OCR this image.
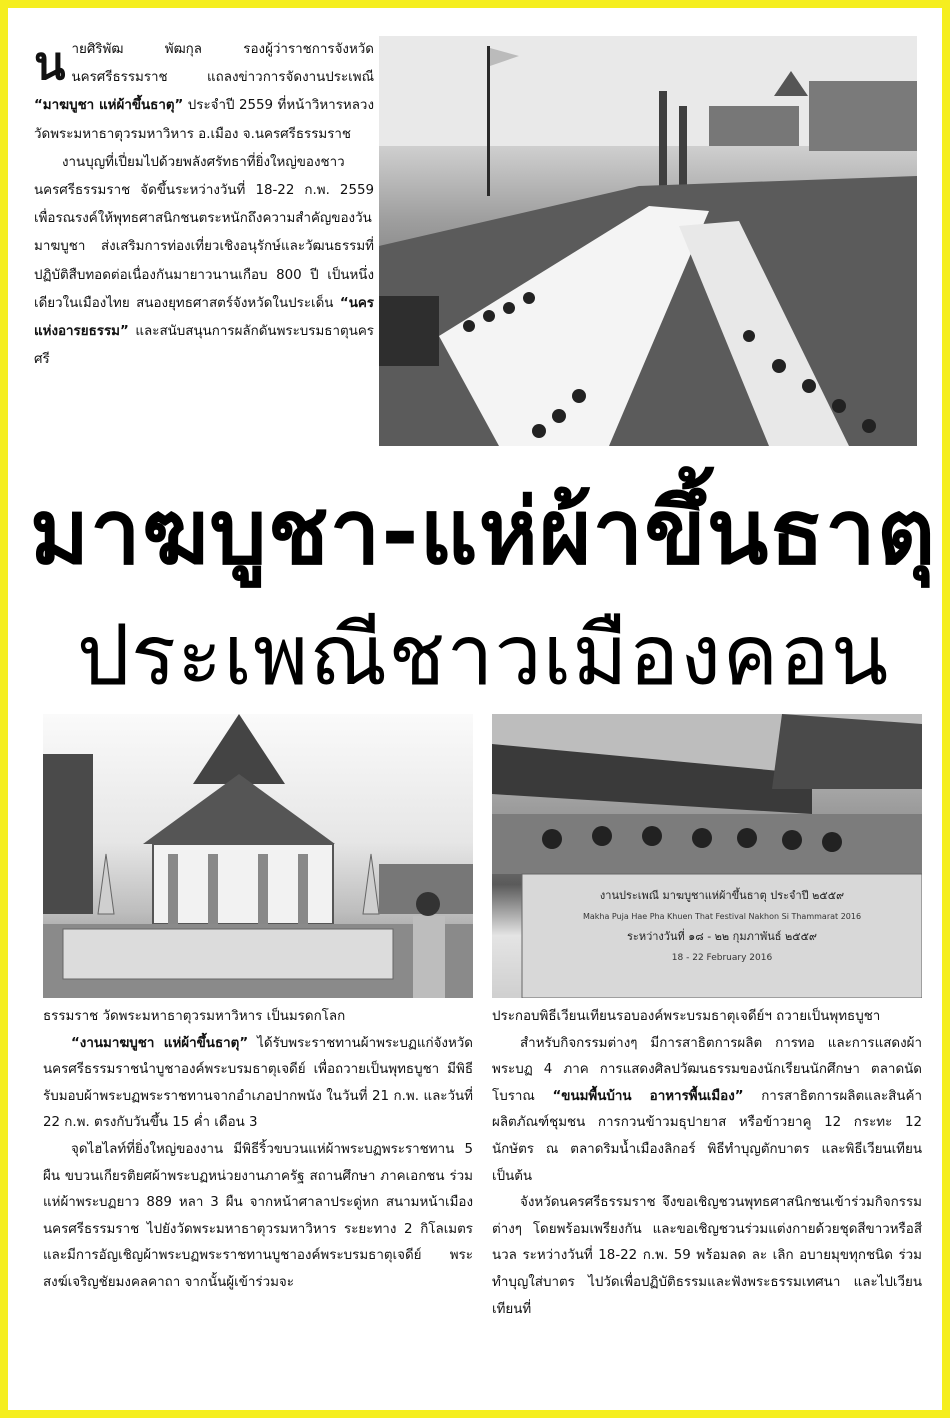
นายศิริพัฒ พัฒกุล รองผู้ว่าราชการจังหวัดนครศรีธรรมราช แถลงข่าวการจัดงานประเพณี “มาฆบูชา แห่ผ้าขึ้นธาตุ” ประจำปี 2559 ที่หน้าวิหารหลวง วัดพระมหาธาตุวรมหาวิหาร อ.เมือง จ.นครศรีธรรมราช

งานบุญที่เปี่ยมไปด้วยพลังศรัทธาที่ยิ่งใหญ่ของชาวนครศรีธรรมราช จัดขึ้นระหว่างวันที่ 18-22 ก.พ. 2559 เพื่อรณรงค์ให้พุทธศาสนิกชนตระหนักถึงความสำคัญของวันมาฆบูชา ส่งเสริมการท่องเที่ยวเชิงอนุรักษ์และวัฒนธรรมที่ปฏิบัติสืบทอดต่อเนื่องกันมายาวนานเกือบ 800 ปี เป็นหนึ่งเดียวในเมืองไทย สนองยุทธศาสตร์จังหวัดในประเด็น “นครแห่งอารยธรรม” และสนับสนุนการผลักดันพระบรมธาตุนครศรี

มาฆบูชา-แห่ผ้าขึ้นธาตุ
ประเพณีชาวเมืองคอน
งานประเพณี มาฆบูชาแห่ผ้าขึ้นธาตุ ประจำปี ๒๕๕๙
Makha Puja Hae Pha Khuen That Festival Nakhon Si Thammarat 2016
ระหว่างวันที่ ๑๘ - ๒๒ กุมภาพันธ์ ๒๕๕๙
18 - 22 February 2016

ธรรมราช วัดพระมหาธาตุวรมหาวิหาร เป็นมรดกโลก

“งานมาฆบูชา แห่ผ้าขึ้นธาตุ” ได้รับพระราชทานผ้าพระบฏแก่จังหวัดนครศรีธรรมราชนำบูชาองค์พระบรมธาตุเจดีย์ เพื่อถวายเป็นพุทธบูชา มีพิธีรับมอบผ้าพระบฏพระราชทานจากอำเภอปากพนัง ในวันที่ 21 ก.พ. และวันที่ 22 ก.พ. ตรงกับวันขึ้น 15 ค่ำ เดือน 3

จุดไฮไลท์ที่ยิ่งใหญ่ของงาน มีพิธีริ้วขบวนแห่ผ้าพระบฏพระราชทาน 5 ผืน ขบวนเกียรติยศผ้าพระบฏหน่วยงานภาครัฐ สถานศึกษา ภาคเอกชน ร่วมแห่ผ้าพระบฏยาว 889 หลา 3 ผืน จากหน้าศาลาประดู่หก สนามหน้าเมืองนครศรีธรรมราช ไปยังวัดพระมหาธาตุวรมหาวิหาร ระยะทาง 2 กิโลเมตร และมีการอัญเชิญผ้าพระบฏพระราชทานบูชาองค์พระบรมธาตุเจดีย์ พระสงฆ์เจริญชัยมงคลคาถา จากนั้นผู้เข้าร่วมจะ

ประกอบพิธีเวียนเทียนรอบองค์พระบรมธาตุเจดีย์ฯ ถวายเป็นพุทธบูชา

สำหรับกิจกรรมต่างๆ มีการสาธิตการผลิต การทอ และการแสดงผ้าพระบฏ 4 ภาค การแสดงศิลปวัฒนธรรมของนักเรียนนักศึกษา ตลาดนัดโบราณ “ขนมพื้นบ้าน อาหารพื้นเมือง” การสาธิตการผลิตและสินค้าผลิตภัณฑ์ชุมชน การกวนข้าวมธุปายาส หรือข้าวยาคู 12 กระทะ 12 นักษัตร ณ ตลาดริมน้ำเมืองลิกอร์ พิธีทำบุญตักบาตร และพิธีเวียนเทียน เป็นต้น

จังหวัดนครศรีธรรมราช จึงขอเชิญชวนพุทธศาสนิกชนเข้าร่วมกิจกรรมต่างๆ โดยพร้อมเพรียงกัน และขอเชิญชวนร่วมแต่งกายด้วยชุดสีขาวหรือสีนวล ระหว่างวันที่ 18-22 ก.พ. 59 พร้อมลด ละ เลิก อบายมุขทุกชนิด ร่วมทำบุญใส่บาตร ไปวัดเพื่อปฏิบัติธรรมและฟังพระธรรมเทศนา และไปเวียนเทียนที่
